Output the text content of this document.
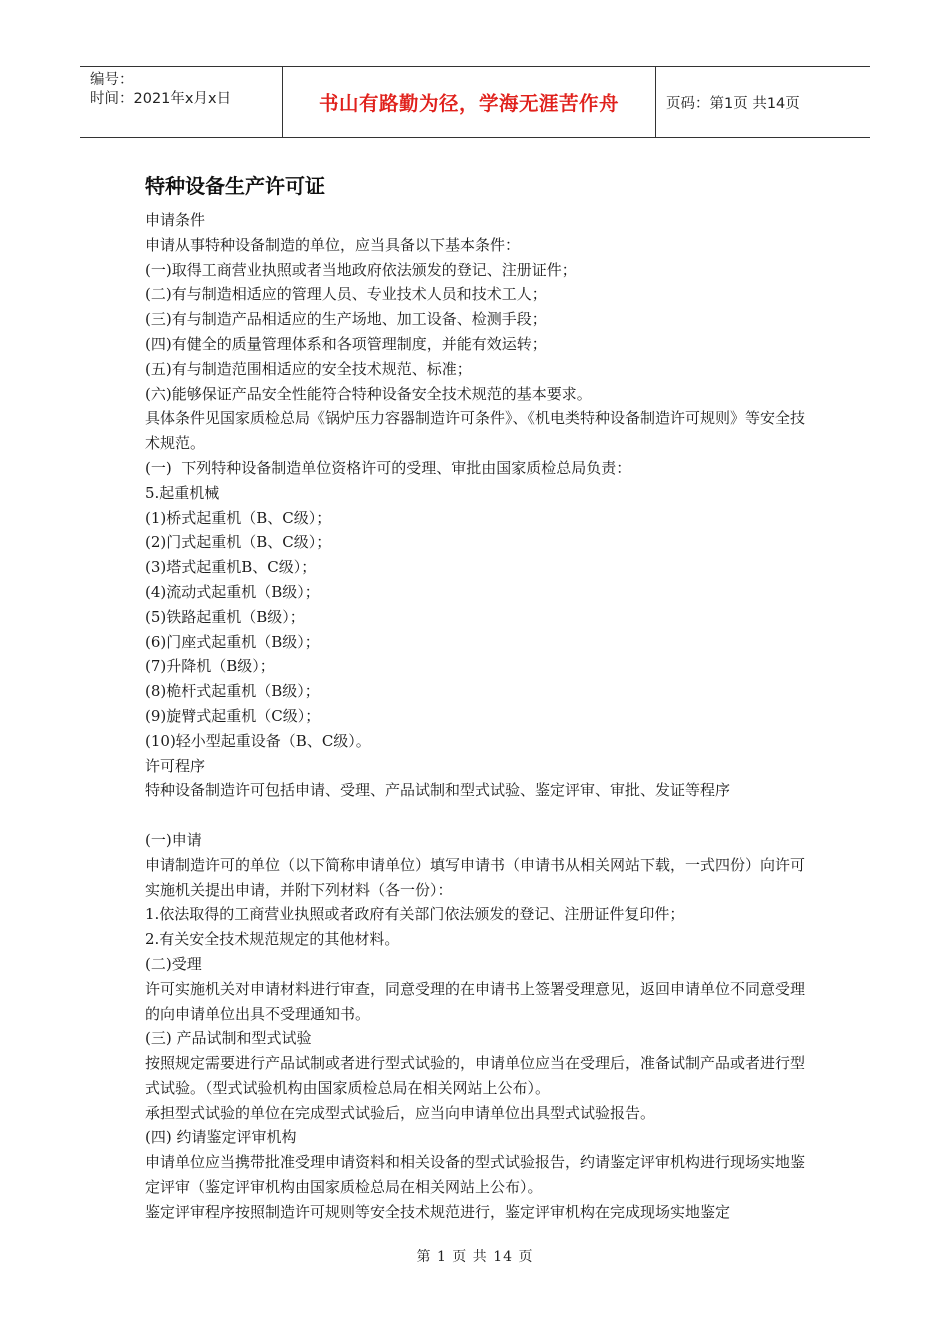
编号：
时间：2021年x月x日	书山有路勤为径，学海无涯苦作舟	页码：第1页 共14页
特种设备生产许可证

申请条件

申请从事特种设备制造的单位，应当具备以下基本条件：

(一)取得工商营业执照或者当地政府依法颁发的登记、注册证件；

(二)有与制造相适应的管理人员、专业技术人员和技术工人；

(三)有与制造产品相适应的生产场地、加工设备、检测手段；

(四)有健全的质量管理体系和各项管理制度，并能有效运转；

(五)有与制造范围相适应的安全技术规范、标准；

(六)能够保证产品安全性能符合特种设备安全技术规范的基本要求。

具体条件见国家质检总局《锅炉压力容器制造许可条件》、《机电类特种设备制造许可规则》等安全技术规范。

(一)  下列特种设备制造单位资格许可的受理、审批由国家质检总局负责：

5.起重机械

(1)桥式起重机（B、C级）；

(2)门式起重机（B、C级）；

(3)塔式起重机B、C级）；

(4)流动式起重机（B级）；

(5)铁路起重机（B级）；

(6)门座式起重机（B级）；

(7)升降机（B级）；

(8)桅杆式起重机（B级）；

(9)旋臂式起重机（C级）；

(10)轻小型起重设备（B、C级）。

许可程序

特种设备制造许可包括申请、受理、产品试制和型式试验、鉴定评审、审批、发证等程序

(一)申请

申请制造许可的单位（以下简称申请单位）填写申请书（申请书从相关网站下载，一式四份）向许可实施机关提出申请，并附下列材料（各一份）：

1.依法取得的工商营业执照或者政府有关部门依法颁发的登记、注册证件复印件；

2.有关安全技术规范规定的其他材料。

(二)受理

许可实施机关对申请材料进行审查，同意受理的在申请书上签署受理意见，返回申请单位不同意受理的向申请单位出具不受理通知书。

(三) 产品试制和型式试验

按照规定需要进行产品试制或者进行型式试验的，申请单位应当在受理后，准备试制产品或者进行型式试验。（型式试验机构由国家质检总局在相关网站上公布）。

承担型式试验的单位在完成型式试验后，应当向申请单位出具型式试验报告。

(四) 约请鉴定评审机构

申请单位应当携带批准受理申请资料和相关设备的型式试验报告，约请鉴定评审机构进行现场实地鉴定评审（鉴定评审机构由国家质检总局在相关网站上公布）。

鉴定评审程序按照制造许可规则等安全技术规范进行，鉴定评审机构在完成现场实地鉴定

第 1 页 共 14 页
